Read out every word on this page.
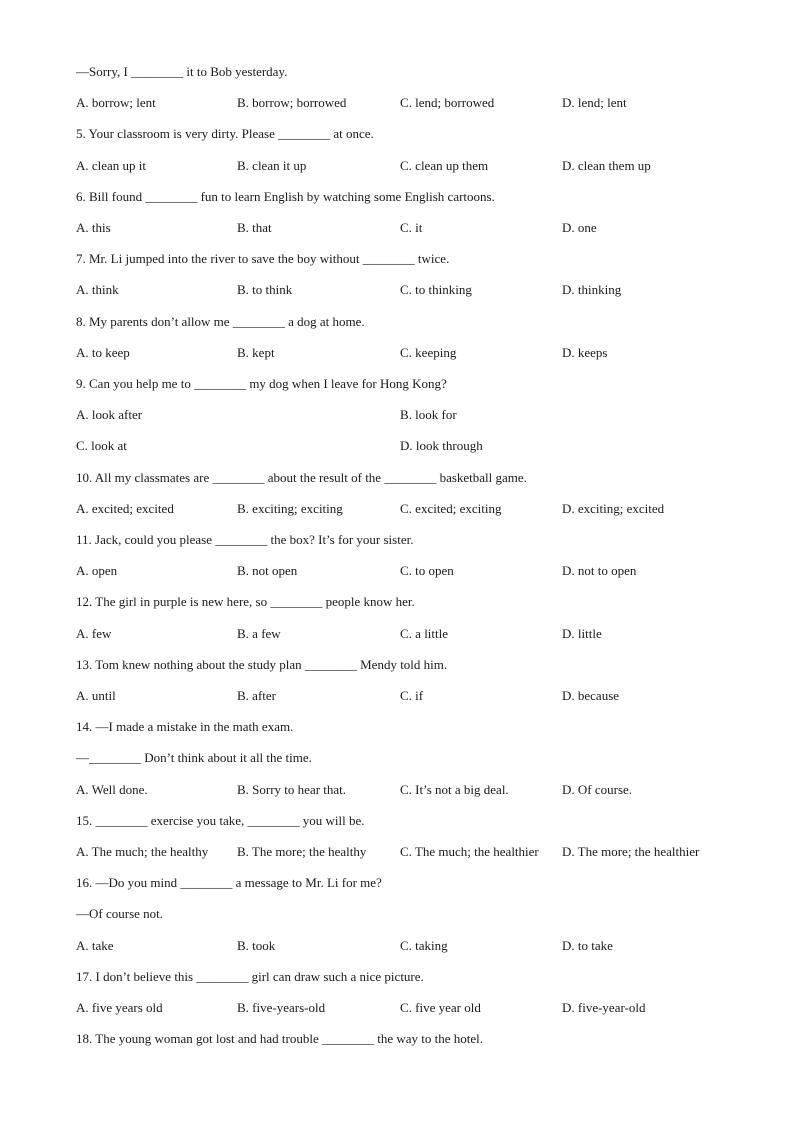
—Sorry, I ________ it to Bob yesterday.
A. borrow; lent	B. borrow; borrowed	C. lend; borrowed	D. lend; lent
5. Your classroom is very dirty. Please ________ at once.
A. clean up it	B. clean it up	C. clean up them	D. clean them up
6. Bill found ________ fun to learn English by watching some English cartoons.
A. this	B. that	C. it	D. one
7. Mr. Li jumped into the river to save the boy without ________ twice.
A. think	B. to think	C. to thinking	D. thinking
8. My parents don’t allow me ________ a dog at home.
A. to keep	B. kept	C. keeping	D. keeps
9. Can you help me to ________ my dog when I leave for Hong Kong?
A. look after	B. look for
C. look at	D. look through
10. All my classmates are ________ about the result of the ________ basketball game.
A. excited; excited	B. exciting; exciting	C. excited; exciting	D. exciting; excited
11. Jack, could you please ________ the box? It’s for your sister.
A. open	B. not open	C. to open	D. not to open
12. The girl in purple is new here, so ________ people know her.
A. few	B. a few	C. a little	D. little
13. Tom knew nothing about the study plan ________ Mendy told him.
A. until	B. after	C. if	D. because
14. —I made a mistake in the math exam.
—________ Don’t think about it all the time.
A. Well done.	B. Sorry to hear that.	C. It’s not a big deal.	D. Of course.
15. ________ exercise you take, ________ you will be.
A. The much; the healthy B. The more; the healthy	C. The much; the healthier D. The more; the healthier
16. —Do you mind ________ a message to Mr. Li for me?
—Of course not.
A. take	B. took	C. taking	D. to take
17. I don’t believe this ________ girl can draw such a nice picture.
A. five years old	B. five-years-old	C. five year old	D. five-year-old
18. The young woman got lost and had trouble ________ the way to the hotel.
